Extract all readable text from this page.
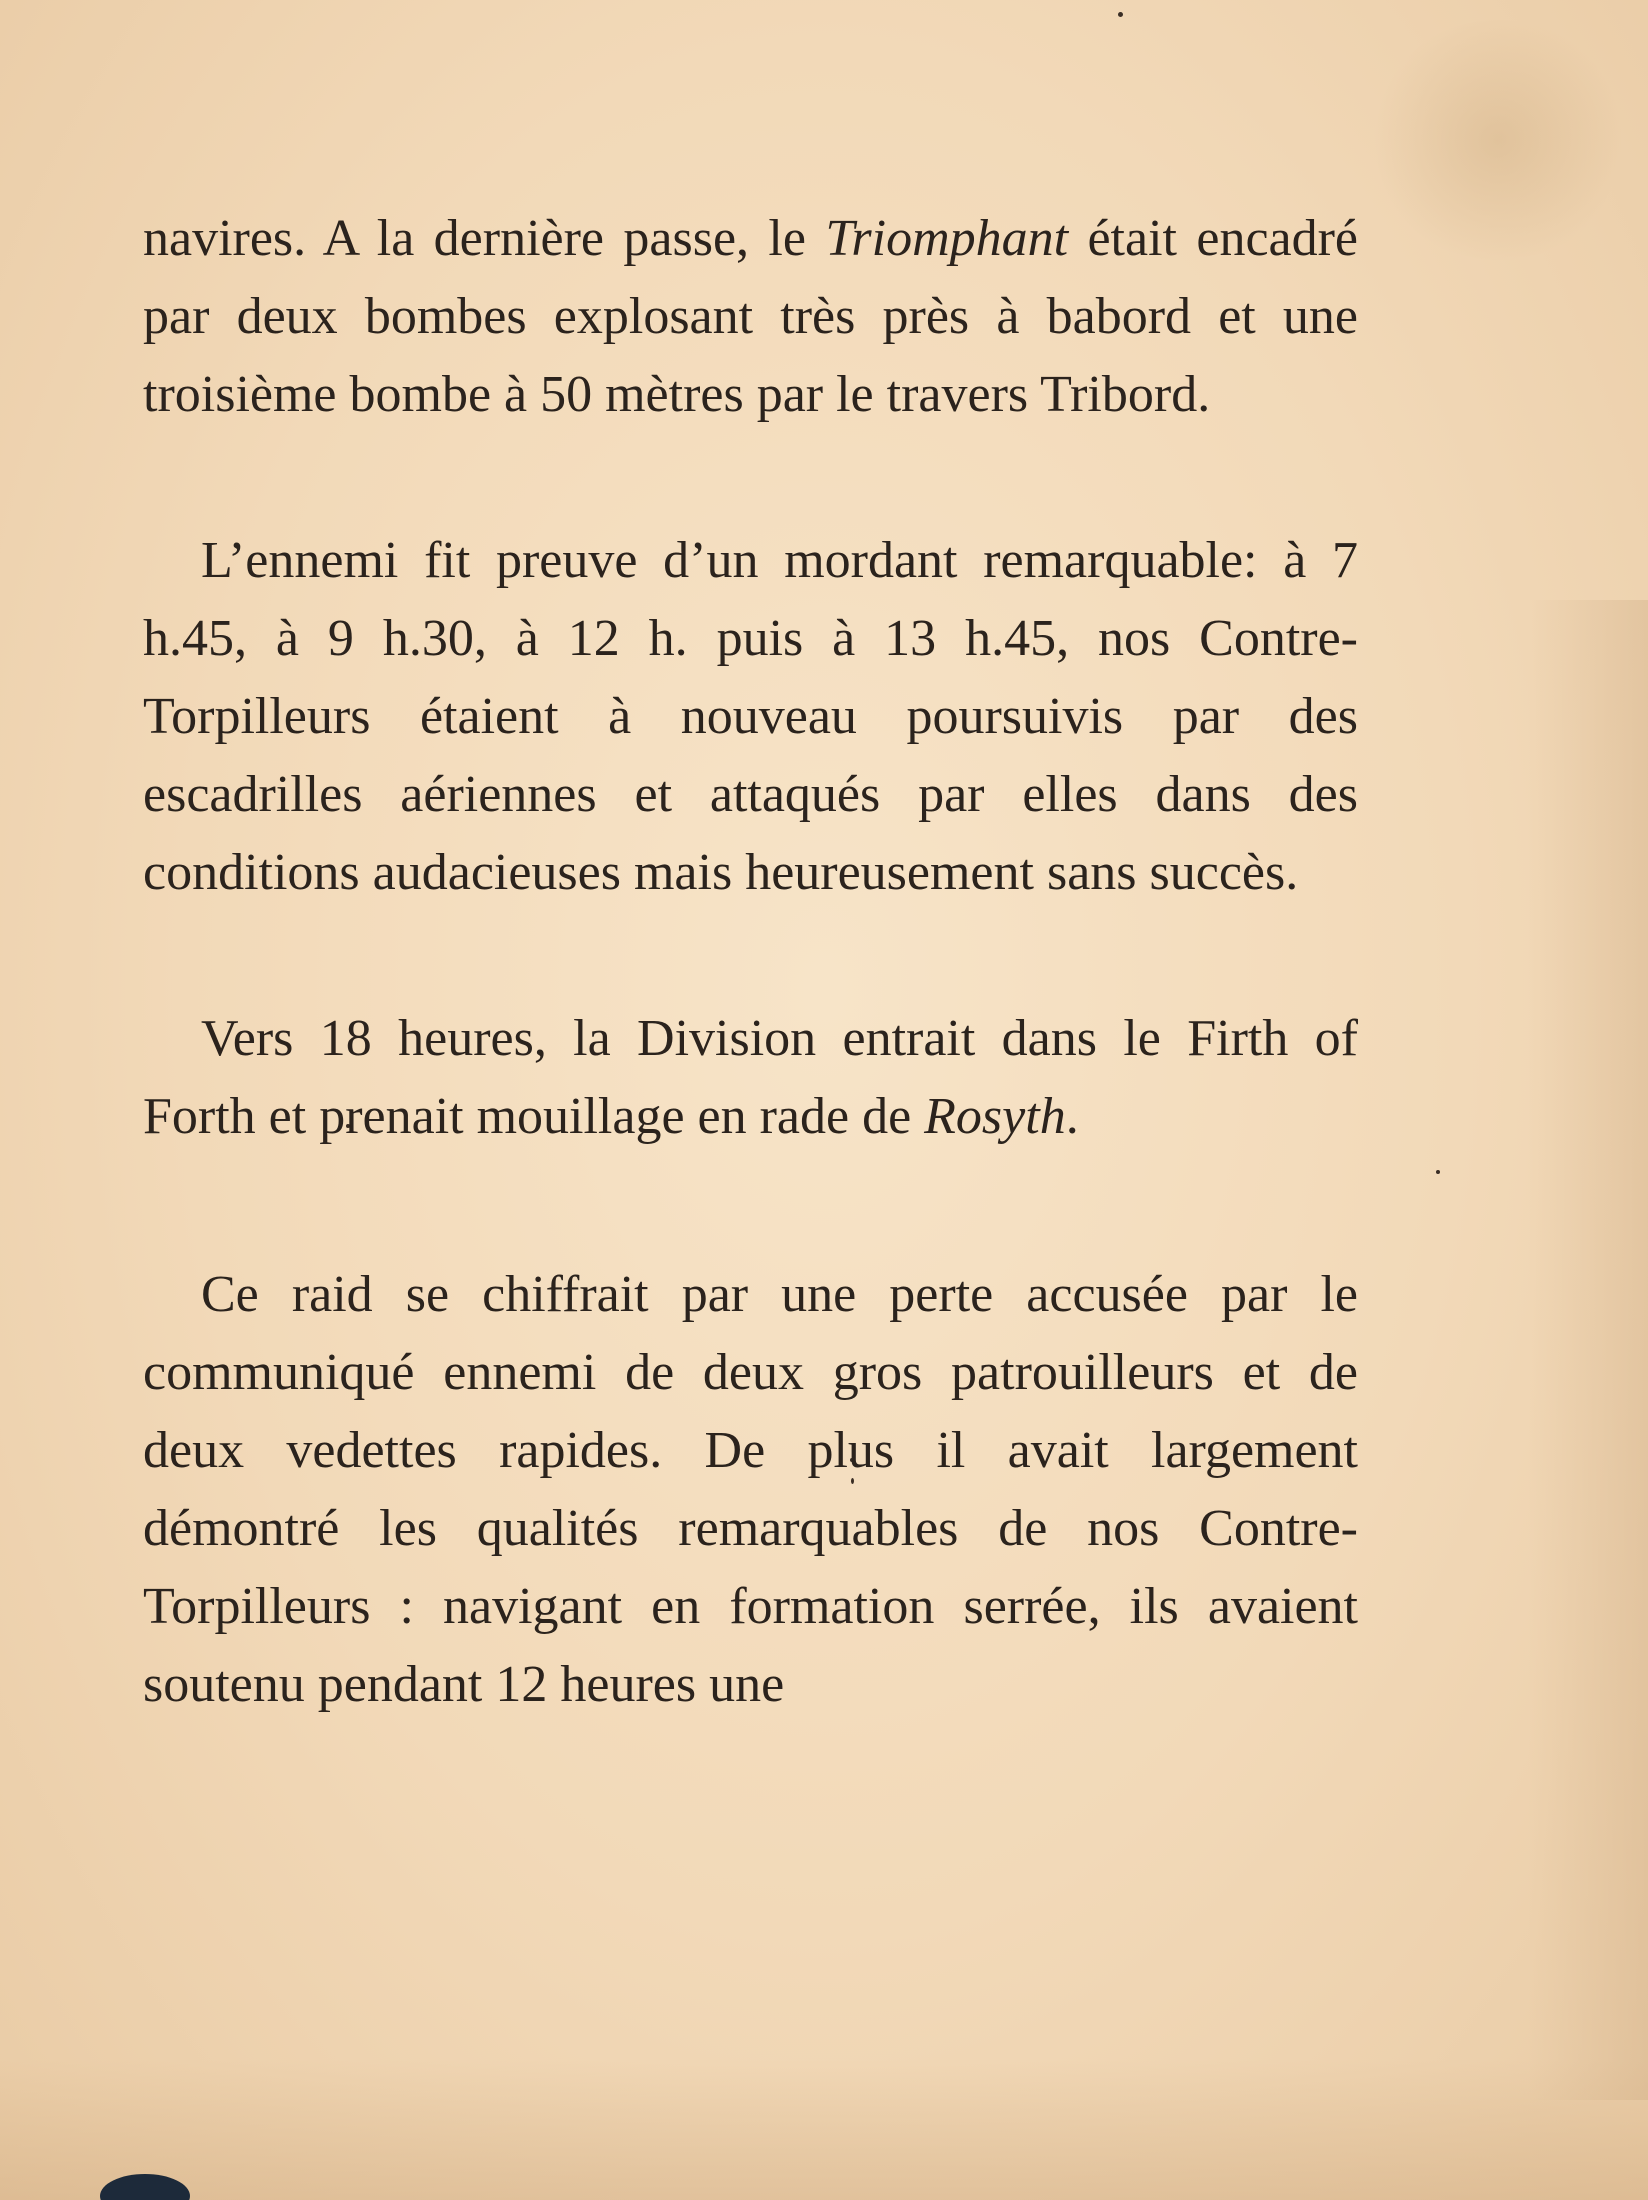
navires. A la dernière passe, le Triomphant était encadré par deux bombes explosant très près à babord et une troisième bombe à 50 mètres par le travers Tribord.

L’ennemi fit preuve d’un mordant remarquable: à 7 h.45, à 9 h.30, à 12 h. puis à 13 h.45, nos Contre-Torpilleurs étaient à nouveau poursuivis par des escadrilles aériennes et attaqués par elles dans des conditions audacieuses mais heureusement sans succès.

Vers 18 heures, la Division entrait dans le Firth of Forth et prenait mouillage en rade de Rosyth.

Ce raid se chiffrait par une perte accusée par le communiqué ennemi de deux gros patrouilleurs et de deux vedettes rapides. De plus il avait largement démontré les qualités remarquables de nos Contre- Torpilleurs : navigant en formation serrée, ils avaient soutenu pendant 12 heures une
